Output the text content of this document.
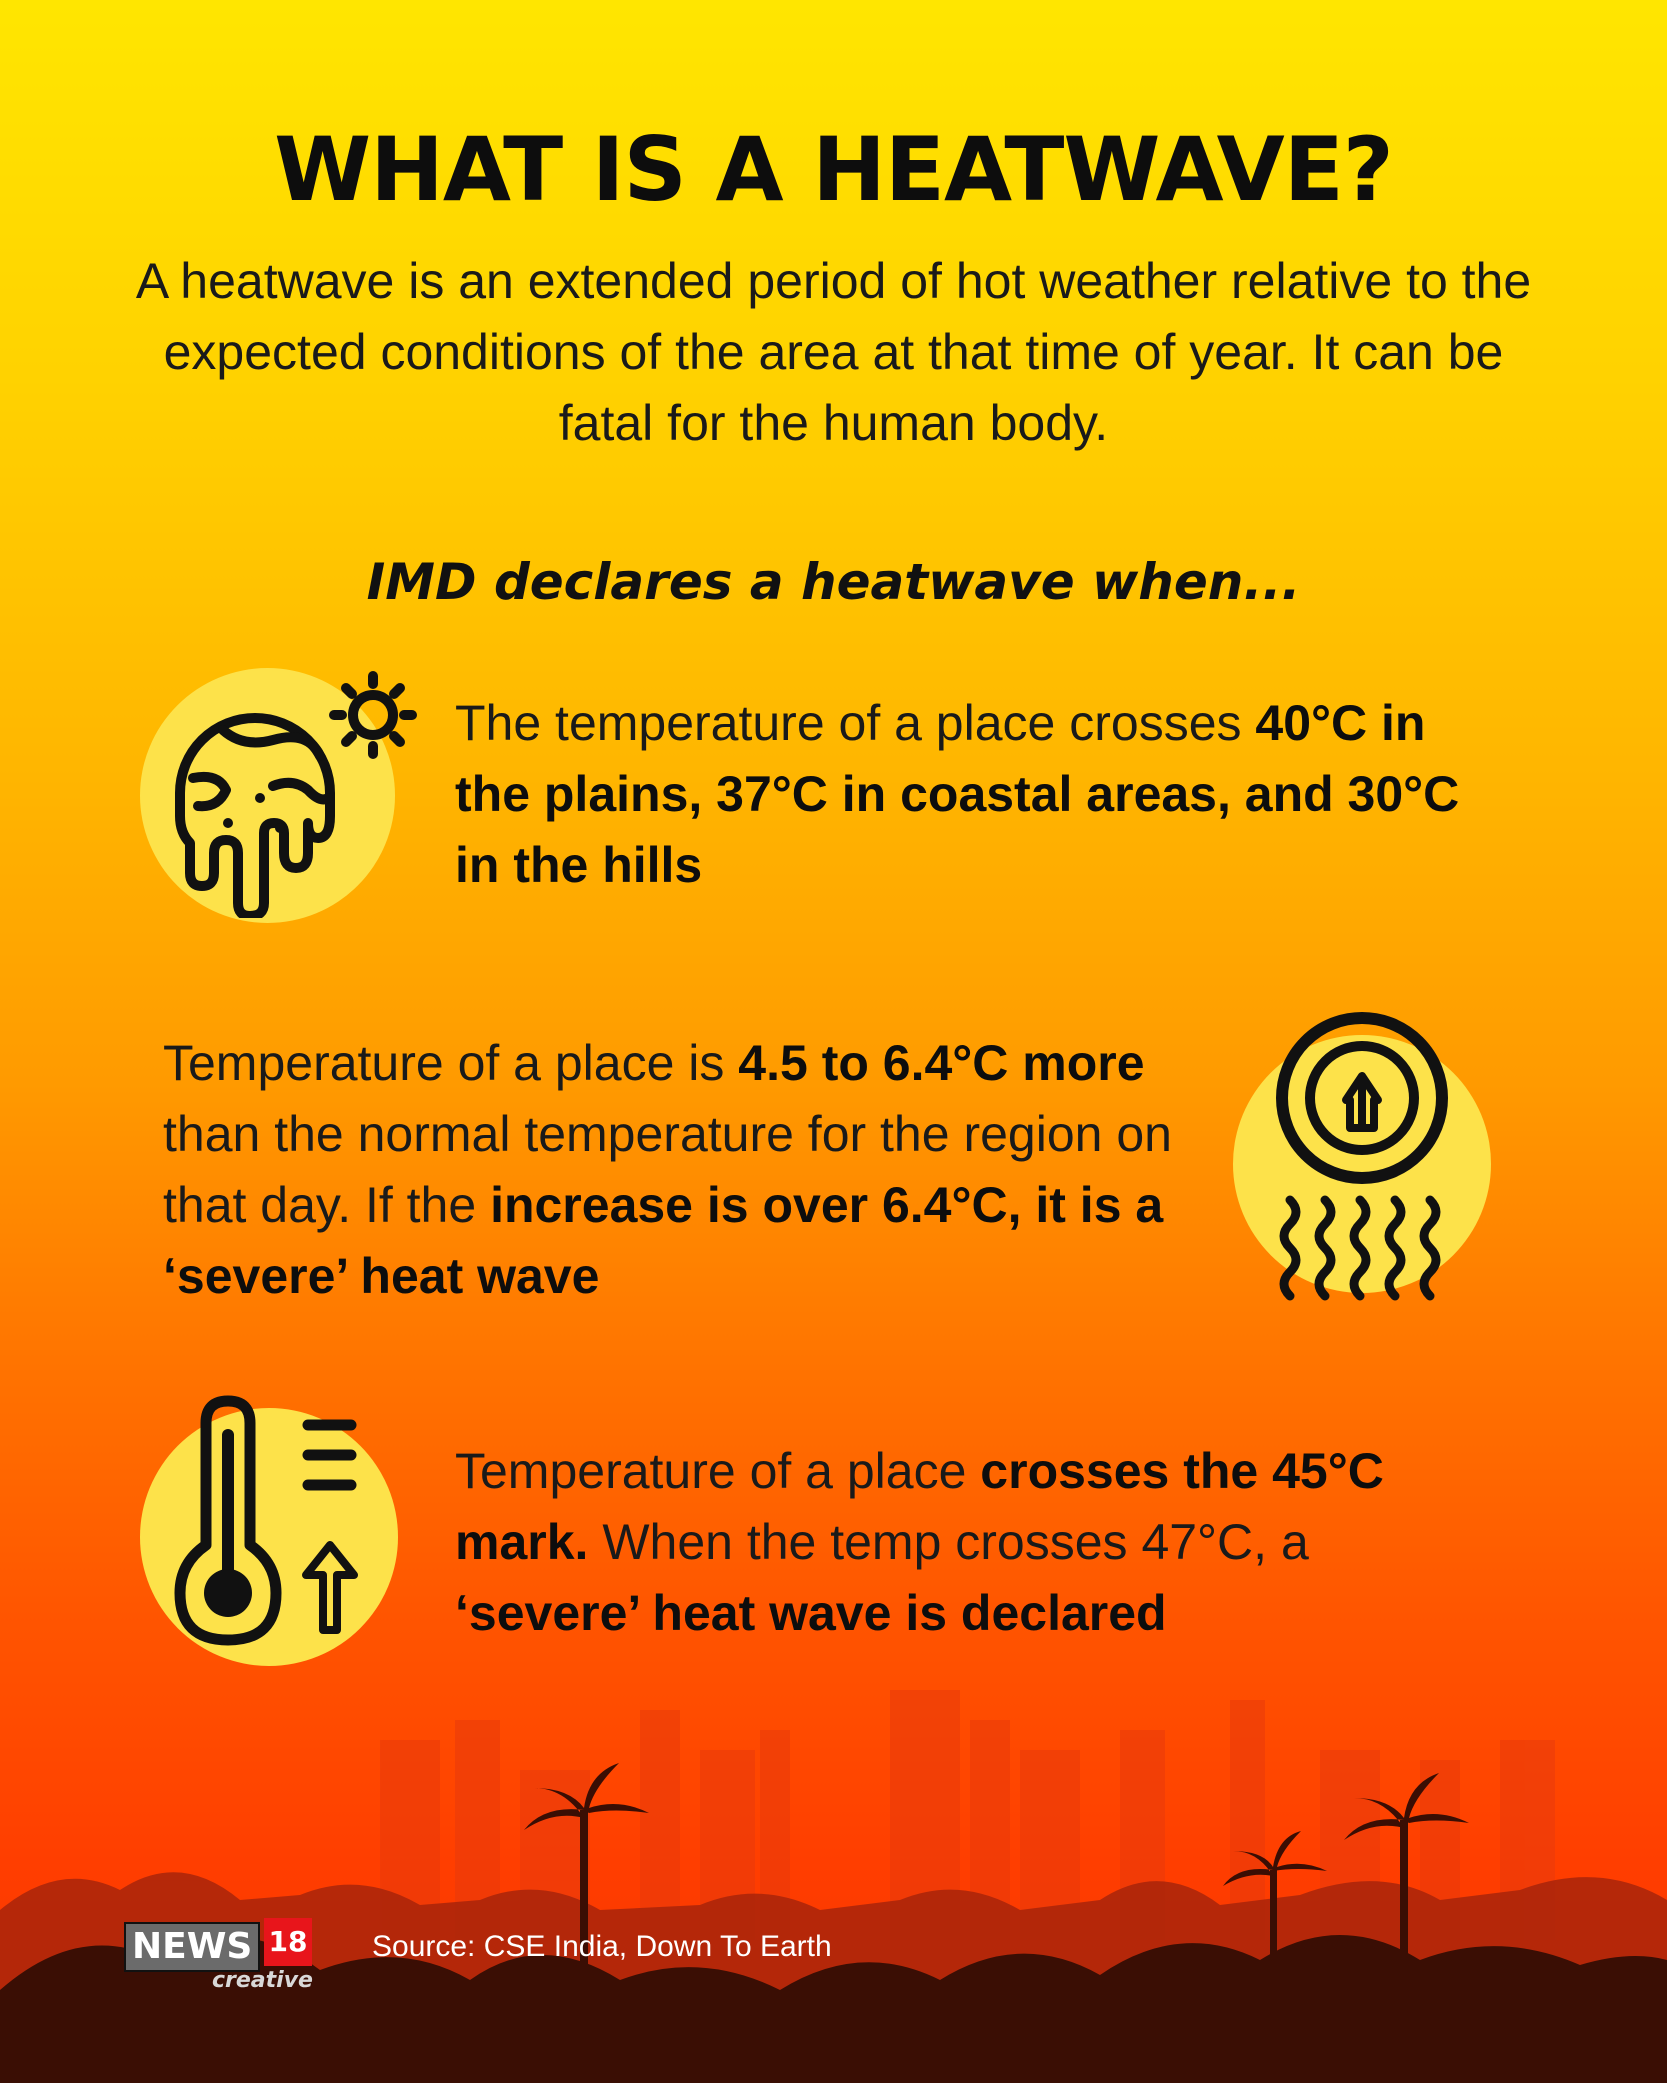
WHAT IS A HEATWAVE?
A heatwave is an extended period of hot weather relative to the expected conditions of the area at that time of year. It can be fatal for the human body.
IMD declares a heatwave when...
The temperature of a place crosses 40°C in the plains, 37°C in coastal areas, and 30°C in the hills
Temperature of a place is 4.5 to 6.4°C more than the normal temperature for the region on that day. If the increase is over 6.4°C, it is a ‘severe’ heat wave
Temperature of a place crosses the 45°C mark. When the temp crosses 47°C, a ‘severe’ heat wave is declared
NEWS 18
creative
Source: CSE India, Down To Earth
